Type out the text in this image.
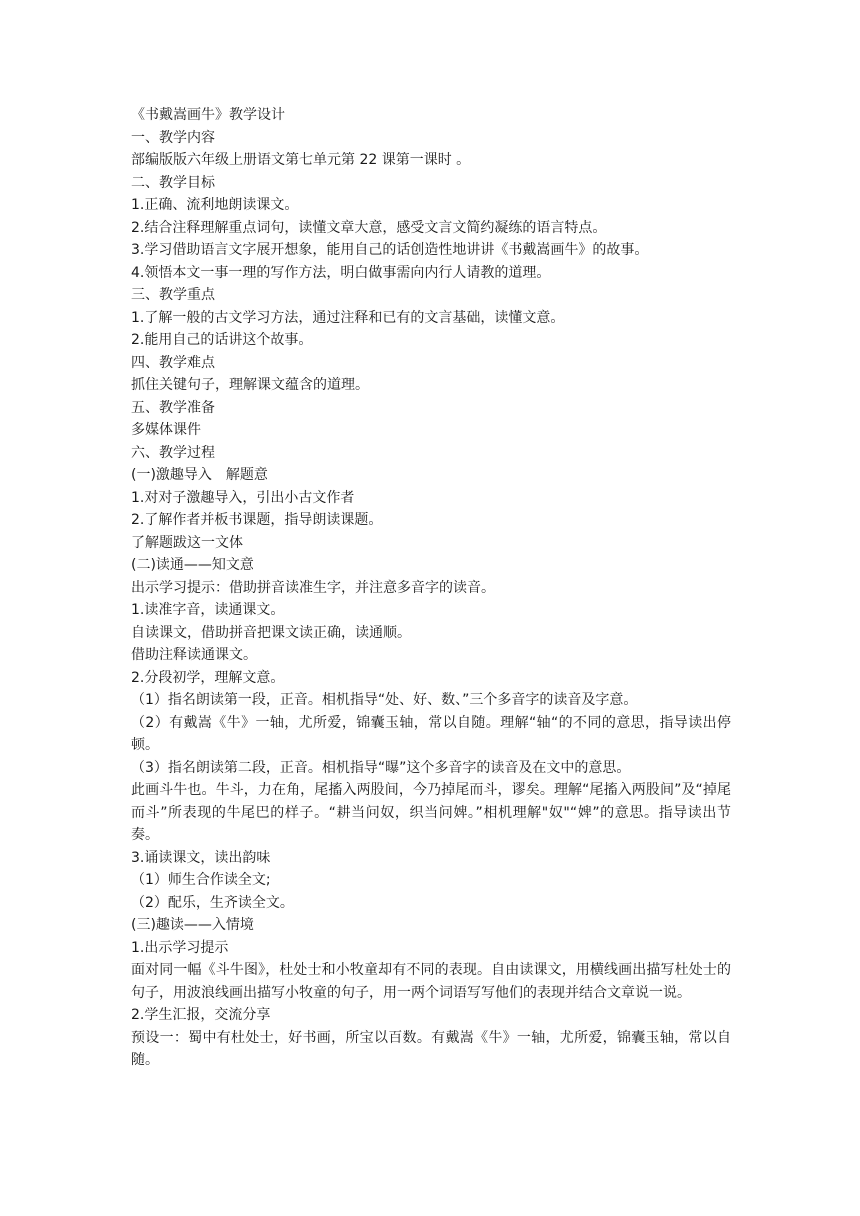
《书戴嵩画牛》教学设计

一、教学内容

部编版版六年级上册语文第七单元第 22 课第一课时 。

二、教学目标

1.正确、流利地朗读课文。

2.结合注释理解重点词句，读懂文章大意，感受文言文简约凝练的语言特点。

3.学习借助语言文字展开想象，能用自己的话创造性地讲讲《书戴嵩画牛》的故事。

4.领悟本文一事一理的写作方法，明白做事需向内行人请教的道理。

三、教学重点

1.了解一般的古文学习方法，通过注释和已有的文言基础，读懂文意。

2.能用自己的话讲这个故事。

四、教学难点

抓住关键句子，理解课文蕴含的道理。

五、教学准备

多媒体课件

六、教学过程

(一)激趣导入　解题意

1.对对子激趣导入，引出小古文作者

2.了解作者并板书课题，指导朗读课题。

了解题跋这一文体

(二)读通——知文意

出示学习提示：借助拼音读准生字，并注意多音字的读音。

1.读准字音，读通课文。

自读课文，借助拼音把课文读正确，读通顺。

借助注释读通课文。

2.分段初学，理解文意。

（1）指名朗读第一段，正音。相机指导“处、好、数、”三个多音字的读音及字意。

（2）有戴嵩《牛》一轴，尤所爱，锦囊玉轴，常以自随。理解“轴“的不同的意思，指导读出停顿。

（3）指名朗读第二段，正音。相机指导“曝”这个多音字的读音及在文中的意思。

此画斗牛也。牛斗，力在角，尾搐入两股间，今乃掉尾而斗，谬矣。理解“尾搐入两股间”及“掉尾而斗”所表现的牛尾巴的样子。“耕当问奴，织当问婢。”相机理解"奴"“婢”的意思。指导读出节奏。

3.诵读课文，读出韵味

（1）师生合作读全文;

（2）配乐，生齐读全文。

(三)趣读——入情境

1.出示学习提示

面对同一幅《斗牛图》，杜处士和小牧童却有不同的表现。自由读课文，用横线画出描写杜处士的句子，用波浪线画出描写小牧童的句子，用一两个词语写写他们的表现并结合文章说一说。

2.学生汇报，交流分享

预设一：蜀中有杜处士，好书画，所宝以百数。有戴嵩《牛》一轴，尤所爱，锦囊玉轴，常以自随。
